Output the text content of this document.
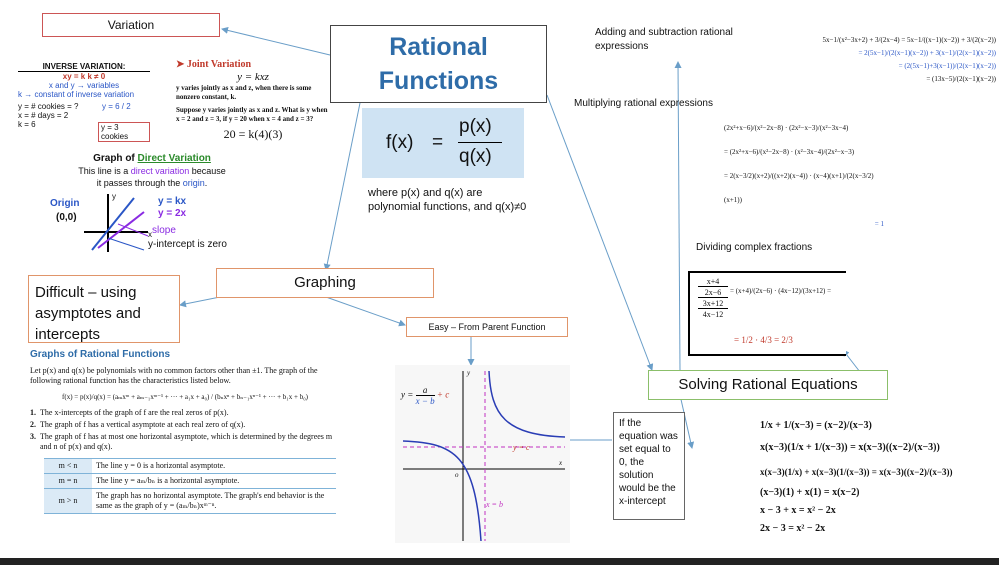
Variation
INVERSE VARIATION:
xy = k k ≠ 0
x and y → variables
k → constant of inverse variation
y = # cookies = ?
x = # days = 2
k = 6
y = 6 / 2
y = 3 cookies
➤ Joint Variation
y = kxz
y varies jointly as x and z, when there is some nonzero constant, k.
Suppose y varies jointly as x and z. What is y when x = 2 and z = 3, if y = 20 when x = 4 and z = 3?
20 = k(4)(3)
Graph of Direct Variation
This line is a direct variation because
it passes through the origin.
Origin
(0,0)
y
x
y = kx
y = 2x
slope
y-intercept is zero
Rational
Functions
f(x) =
p(x)
q(x)
where p(x) and q(x) are polynomial functions, and q(x)≠0
Graphing
Difficult – using asymptotes and intercepts	Easy – From Parent Function
Graphs of Rational Functions
Let p(x) and q(x) be polynomials with no common factors other than ±1. The graph of the following rational function has the characteristics listed below.
f(x) = p(x)/q(x) = (aₘxᵐ + aₘ₋₁xᵐ⁻¹ + ··· + a₁x + a₀) / (bₙxⁿ + bₙ₋₁xⁿ⁻¹ + ··· + b₁x + b₀)
1. The x-intercepts of the graph of f are the real zeros of p(x).
2. The graph of f has a vertical asymptote at each real zero of q(x).
3. The graph of f has at most one horizontal asymptote, which is determined by the degrees m and n of p(x) and q(x).
m < n	The line y = 0 is a horizontal asymptote.
m = n	The line y = aₘ/bₙ is a horizontal asymptote.
m > n	The graph has no horizontal asymptote. The graph's end behavior is the same as the graph of y = (aₘ/bₙ)xᵐ⁻ⁿ.
$y = \frac{a}{x - b} + c$
y = c
x = b
x
y
o
Adding and subtraction rational expressions
Multiplying rational expressions
Dividing complex fractions
5x−1/(x²−3x+2) + 3/(2x−4) = 5x−1/((x−1)(x−2)) + 3/(2(x−2))
= 2(5x−1)/(2(x−1)(x−2)) + 3(x−1)/(2(x−1)(x−2))
= (2(5x−1)+3(x−1))/(2(x−1)(x−2))
= (13x−5)/(2(x−1)(x−2))
(2x²+x−6)/(x²−2x−8) · (2x²−x−3)/(x²−3x−4)
= (2x²+x−6)/(x²−2x−8) · (x²−3x−4)/(2x²−x−3)
= 2(x−3/2)(x+2)/((x+2)(x−4)) · (x−4)(x+1)/(2(x−3/2)(x+1))
= 1
x+4
2x−6
3x+12
4x−12
= (x+4)/(2x−6) · (4x−12)/(3x+12) =
= 1/2 · 4/3 = 2/3
Solving Rational Equations
If the equation was set equal to 0, the solution would be the x-intercept
1/x + 1/(x−3) = (x−2)/(x−3)
x(x−3)(1/x + 1/(x−3)) = x(x−3)((x−2)/(x−3))
x(x−3)(1/x) + x(x−3)(1/(x−3)) = x(x−3)((x−2)/(x−3))
(x−3)(1) + x(1) = x(x−2)
x − 3 + x = x² − 2x
2x − 3 = x² − 2x
